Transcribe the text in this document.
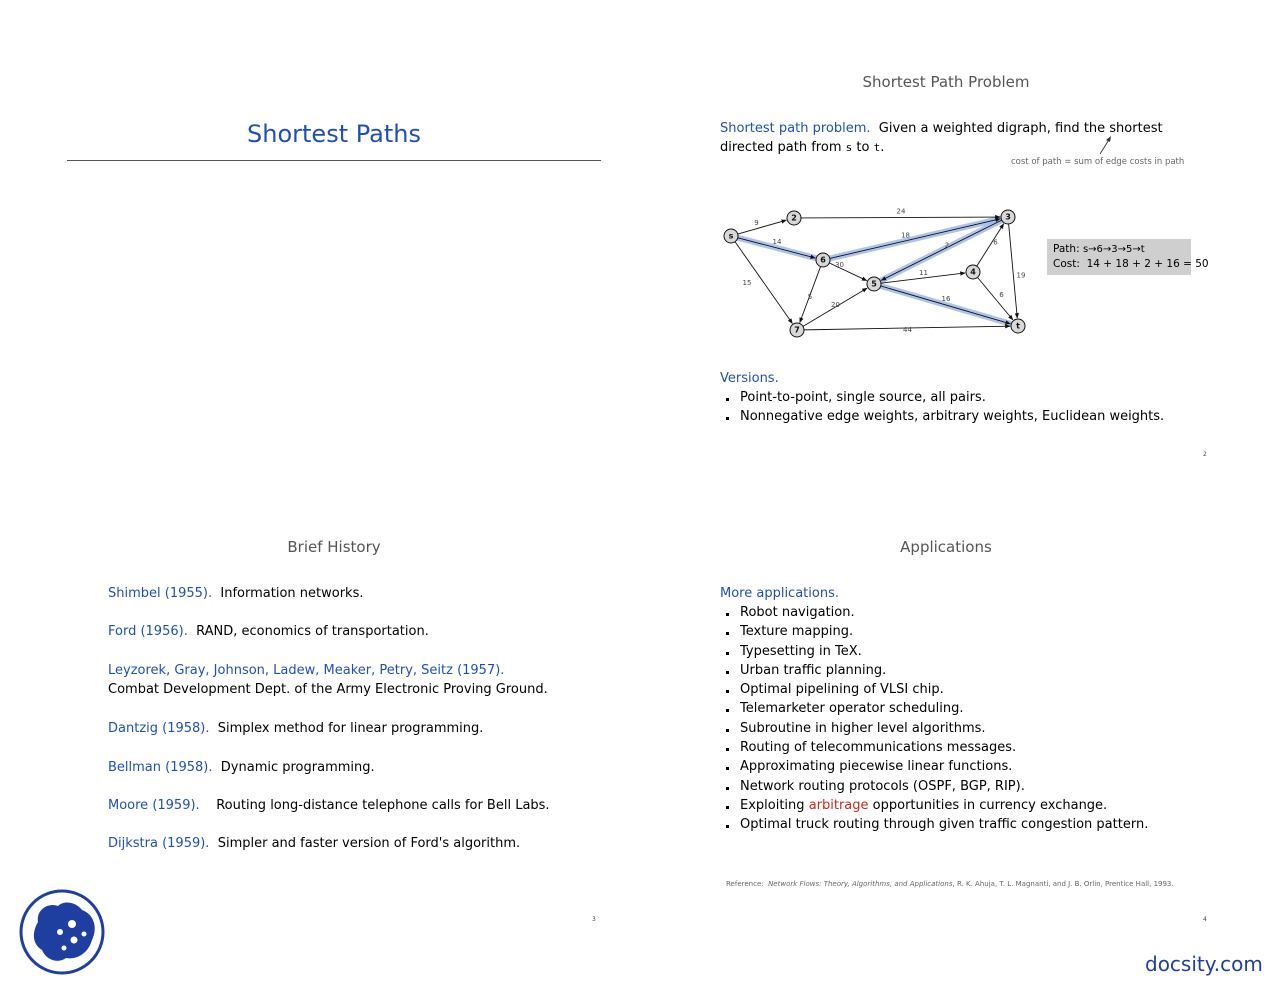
Shortest Paths
Shortest Path Problem
Shortest path problem. Given a weighted digraph, find the shortest
directed path from s to t.
cost of path = sum of edge costs in path
9
24
14
18
2	6
30
11	19
15
5
20
16	6
44
s
2	3
4
5
6
7	t
Path: s→6→3→5→t
Cost: 14 + 18 + 2 + 16 = 50
Versions.
Point-to-point, single source, all pairs.
Nonnegative edge weights, arbitrary weights, Euclidean weights.
2
Brief History

Shimbel (1955). Information networks.

Ford (1956). RAND, economics of transportation.

Leyzorek, Gray, Johnson, Ladew, Meaker, Petry, Seitz (1957).
Combat Development Dept. of the Army Electronic Proving Ground.

Dantzig (1958). Simplex method for linear programming.

Bellman (1958). Dynamic programming.

Moore (1959). Routing long-distance telephone calls for Bell Labs.

Dijkstra (1959). Simpler and faster version of Ford's algorithm.

3
Applications
More applications.
Robot navigation.
Texture mapping.
Typesetting in TeX.
Urban traffic planning.
Optimal pipelining of VLSI chip.
Telemarketer operator scheduling.
Subroutine in higher level algorithms.
Routing of telecommunications messages.
Approximating piecewise linear functions.
Network routing protocols (OSPF, BGP, RIP).
Exploiting arbitrage opportunities in currency exchange.
Optimal truck routing through given traffic congestion pattern.
Reference: Network Flows: Theory, Algorithms, and Applications, R. K. Ahuja, T. L. Magnanti, and J. B. Orlin, Prentice Hall, 1993.
4
docsity.com
